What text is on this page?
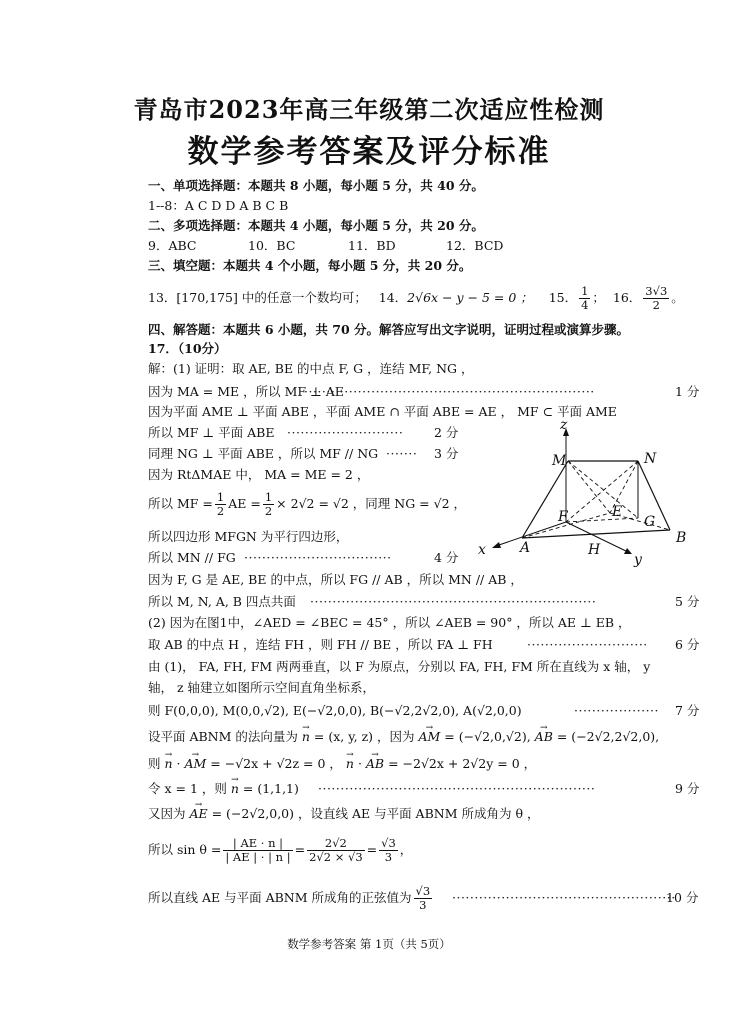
青岛市2023年高三年级第二次适应性检测
数学参考答案及评分标准
一、单项选择题：本题共 8 小题，每小题 5 分，共 40 分。
1--8：A C D D A B C B
二、多项选择题：本题共 4 小题，每小题 5 分，共 20 分。
9．ABC	10．BC	11．BD	12．BCD
三、填空题：本题共 4 个小题，每小题 5 分，共 20 分。
13．[170,175] 中的任意一个数均可； 14．2√6x − y − 5 = 0 ； 15． $\frac{1}{4}$ ； 16． $\frac{3√3}{2}$ 。
四、解答题：本题共 6 小题，共 70 分。解答应写出文字说明，证明过程或演算步骤。
17．（10分）
解：(1) 证明：取 AE, BE 的中点 F, G ，连结 MF, NG ，
因为 MA = ME ，所以 MF ⊥ AE
·································································	1 分
因为平面 AME ⊥ 平面 ABE ，平面 AME ∩ 平面 ABE = AE ， MF ⊂ 平面 AME
所以 MF ⊥ 平面 ABE ·························· 2 分
同理 NG ⊥ 平面 ABE ，所以 MF // NG ······· 3 分
因为 RtΔMAE 中， MA = ME = 2 ，
所以 MF = $\frac{1}{2}$ AE = $\frac{1}{2} \times 2√2 = √2$ ，同理 NG = √2 ，
所以四边形 MFGN 为平行四边形，
所以 MN // FG ·································	4 分
因为 F, G 是 AE, BE 的中点，所以 FG // AB ，所以 MN // AB ，
所以 M, N, A, B 四点共面 ································································	5 分
(2) 因为在图1中，∠AED = ∠BEC = 45° ，所以 ∠AEB = 90° ，所以 AE ⊥ EB ，
取 AB 的中点 H ，连结 FH ，则 FH // BE ，所以 FA ⊥ FH	··························· 6 分
由 (1)， FA, FH, FM 两两垂直，以 F 为原点，分别以 FA, FH, FM 所在直线为 x 轴， y
轴， z 轴建立如图所示空间直角坐标系，
则 F(0,0,0), M(0,0,√2), E(−√2,0,0), B(−√2,2√2,0), A(√2,0,0)	··················· 7 分
设平面 ABNM 的法向量为 → n = (x, y, z) ，因为 → AM = (−√2,0,√2), → AB = (−2√2,2√2,0),
则 → n · → AM = −√2x + √2z = 0 ， → n · → AB = −2√2x + 2√2y = 0 ，
令 x = 1 ，则 → n = (1,1,1) ······························································	9 分
又因为 → AE = (−2√2,0,0) ，设直线 AE 与平面 ABNM 所成角为 θ ，
所以 $\sin \theta = \frac{| AE \cdot n |}{| AE | \cdot | n |} = \frac{2√2}{2√2 \times √3} = \frac{√3}{3}$ ，
所以直线 AE 与平面 ABNM 所成角的正弦值为 $\frac{√3}{3}$ ··················································
10 分
z
M	N
F	E
G
B
x A	H
y
数学参考答案 第 1页（共 5页）
